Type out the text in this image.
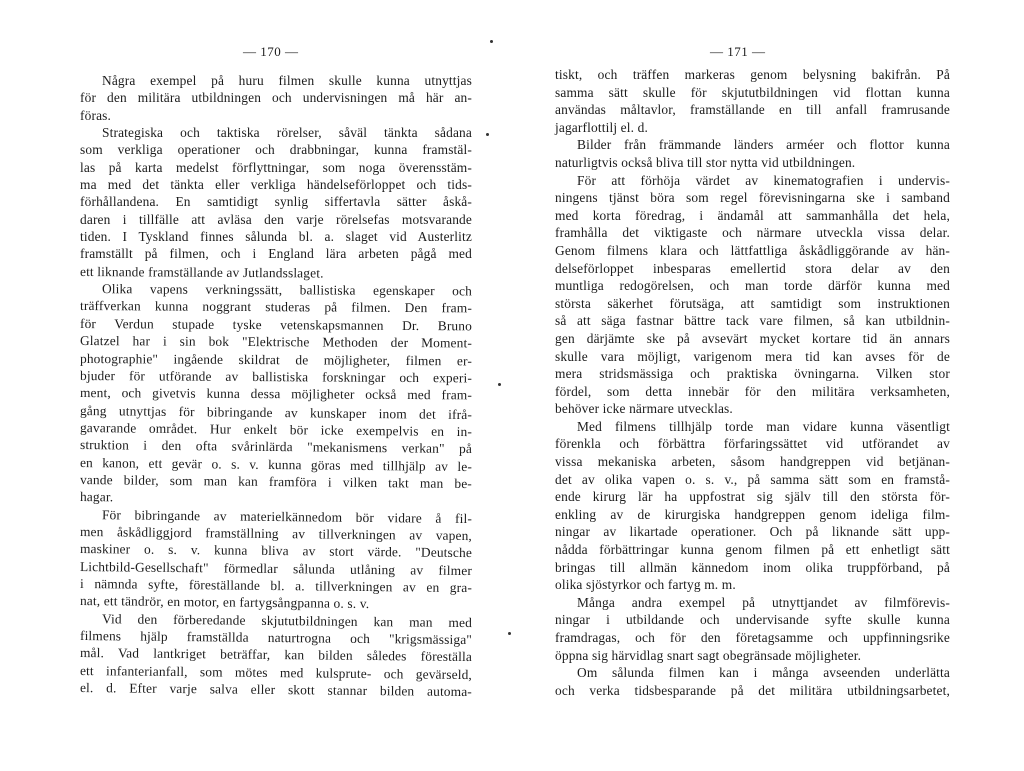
— 170 —

Några exempel på huru filmen skulle kunna utnyttjas
för den militära utbildningen och undervisningen må här an-
föras.
Strategiska och taktiska rörelser, såväl tänkta sådana
som verkliga operationer och drabbningar, kunna framstäl-
las på karta medelst förflyttningar, som noga överensstäm-
ma med det tänkta eller verkliga händelseförloppet och tids-
förhållandena. En samtidigt synlig siffertavla sätter åskå-
daren i tillfälle att avläsa den varje rörelsefas motsvarande
tiden. I Tyskland finnes sålunda bl. a. slaget vid Austerlitz
framställt på filmen, och i England lära arbeten pågå med
ett liknande framställande av Jutlandsslaget.
Olika vapens verkningssätt, ballistiska egenskaper och
träffverkan kunna noggrant studeras på filmen. Den fram-
för Verdun stupade tyske vetenskapsmannen Dr. Bruno
Glatzel har i sin bok "Elektrische Methoden der Moment-
photographie" ingående skildrat de möjligheter, filmen er-
bjuder för utförande av ballistiska forskningar och experi-
ment, och givetvis kunna dessa möjligheter också med fram-
gång utnyttjas för bibringande av kunskaper inom det ifrå-
gavarande området. Hur enkelt bör icke exempelvis en in-
struktion i den ofta svårinlärda "mekanismens verkan" på
en kanon, ett gevär o. s. v. kunna göras med tillhjälp av le-
vande bilder, som man kan framföra i vilken takt man be-
hagar.
För bibringande av materielkännedom bör vidare å fil-
men åskådliggjord framställning av tillverkningen av vapen,
maskiner o. s. v. kunna bliva av stort värde. "Deutsche
Lichtbild-Gesellschaft" förmedlar sålunda utlåning av filmer
i nämnda syfte, föreställande bl. a. tillverkningen av en gra-
nat, ett tändrör, en motor, en fartygsångpanna o. s. v.
Vid den förberedande skjututbildningen kan man med
filmens hjälp framställda naturtrogna och "krigsmässiga"
mål. Vad lantkriget beträffar, kan bilden således föreställa
ett infanterianfall, som mötes med kulsprute- och gevärseld,
el. d. Efter varje salva eller skott stannar bilden automa-

— 171 —

tiskt, och träffen markeras genom belysning bakifrån. På
samma sätt skulle för skjututbildningen vid flottan kunna
användas måltavlor, framställande en till anfall framrusande
jagarflottilj el. d.
Bilder från främmande länders arméer och flottor kunna
naturligtvis också bliva till stor nytta vid utbildningen.
För att förhöja värdet av kinematografien i undervis-
ningens tjänst böra som regel förevisningarna ske i samband
med korta föredrag, i ändamål att sammanhålla det hela,
framhålla det viktigaste och närmare utveckla vissa delar.
Genom filmens klara och lättfattliga åskådliggörande av hän-
delseförloppet inbesparas emellertid stora delar av den
muntliga redogörelsen, och man torde därför kunna med
största säkerhet förutsäga, att samtidigt som instruktionen
så att säga fastnar bättre tack vare filmen, så kan utbildnin-
gen därjämte ske på avsevärt mycket kortare tid än annars
skulle vara möjligt, varigenom mera tid kan avses för de
mera stridsmässiga och praktiska övningarna. Vilken stor
fördel, som detta innebär för den militära verksamheten,
behöver icke närmare utvecklas.
Med filmens tillhjälp torde man vidare kunna väsentligt
förenkla och förbättra förfaringssättet vid utförandet av
vissa mekaniska arbeten, såsom handgreppen vid betjänan-
det av olika vapen o. s. v., på samma sätt som en framstå-
ende kirurg lär ha uppfostrat sig själv till den största för-
enkling av de kirurgiska handgreppen genom ideliga film-
ningar av likartade operationer. Och på liknande sätt upp-
nådda förbättringar kunna genom filmen på ett enhetligt sätt
bringas till allmän kännedom inom olika truppförband, på
olika sjöstyrkor och fartyg m. m.
Många andra exempel på utnyttjandet av filmförevis-
ningar i utbildande och undervisande syfte skulle kunna
framdragas, och för den företagsamme och uppfinningsrike
öppna sig härvidlag snart sagt obegränsade möjligheter.
Om sålunda filmen kan i många avseenden underlätta
och verka tidsbesparande på det militära utbildningsarbetet,
